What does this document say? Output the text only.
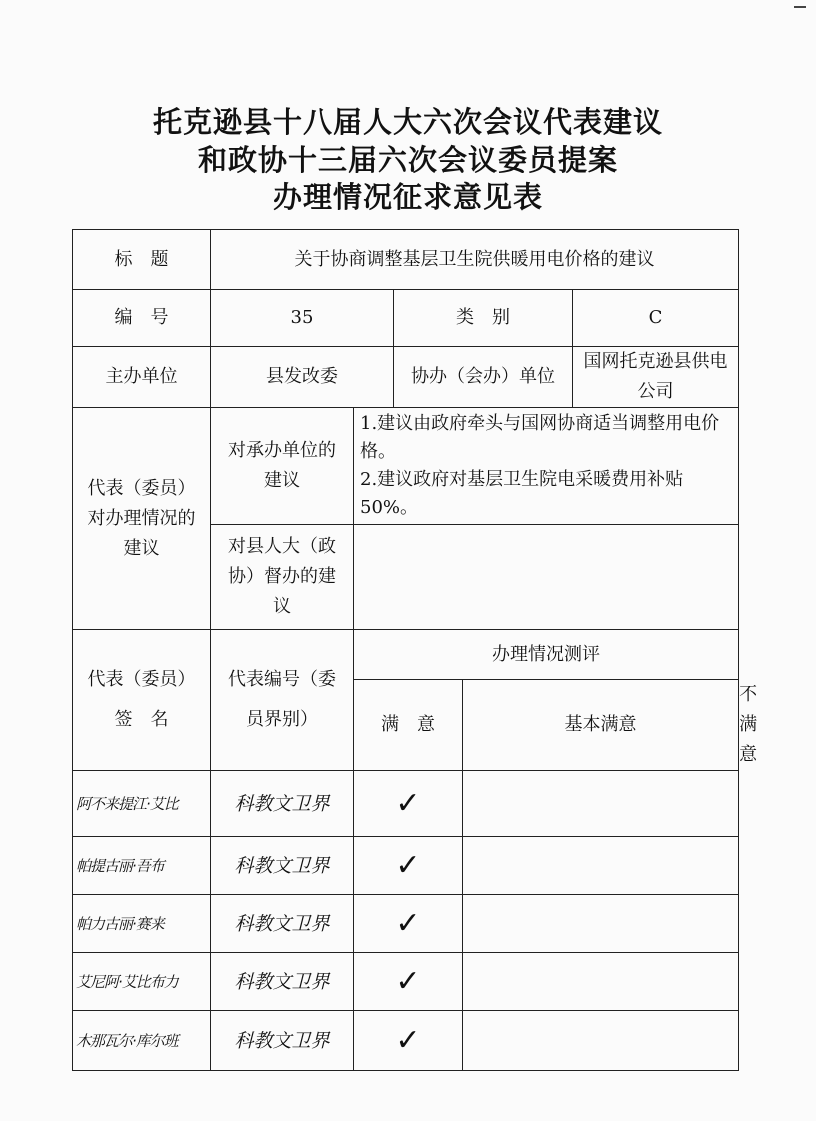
托克逊县十八届人大六次会议代表建议
和政协十三届六次会议委员提案
办理情况征求意见表
标　题	关于协商调整基层卫生院供暖用电价格的建议					
编　号	35		类　别		C	
主办单位	县发改委		协办（会办）单位		国网托克逊县供电公司	
代表（委员）对办理情况的建议	对承办单位的建议	1.建议由政府牵头与国网协商适当调整用电价格。
2.建议政府对基层卫生院电采暖费用补贴50%。				

	对县人大（政协）督办的建议					
代表（委员）签　名	代表编号（委员界别）	办理情况测评				
		满　意		基本满意		不满意
阿不来提江·艾比	科教文卫界	✓				
帕提古丽·吾布	科教文卫界	✓				
帕力古丽·赛来	科教文卫界	✓				
艾尼阿·艾比布力	科教文卫界	✓				
木那瓦尔·库尔班	科教文卫界	✓				
